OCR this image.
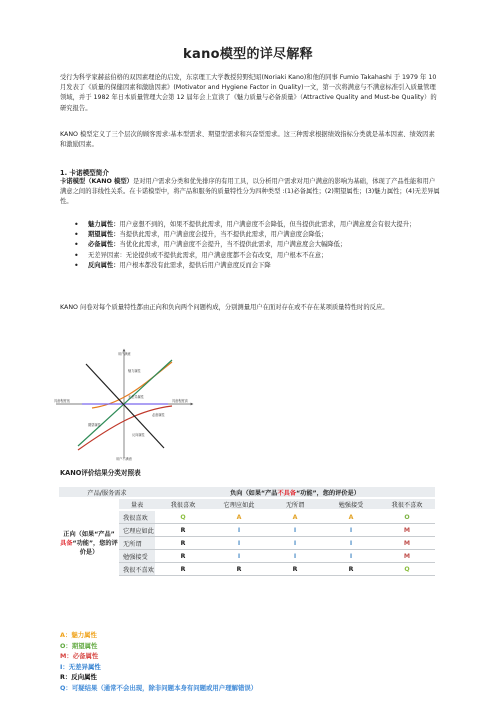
kano模型的详尽解释
受行为科学家赫兹伯格的双因素理论的启发，东京理工大学教授狩野纪昭(Noriaki Kano)和他的同事 Fumio Takahashi 于 1979 年 10 月发表了《质量的保健因素和激励因素》(Motivator and Hygiene Factor in Quality)一文，第一次将满意与不满意标准引入质量管理领域，并于 1982 年日本质量管理大会第 12 届年会上宣读了《魅力质量与必备质量》（Attractive Quality and Must-be Quality）的研究报告。
KANO 模型定义了三个层次的顾客需求:基本型需求、期望型需求和兴奋型需求。这三种需求根据绩效指标分类就是基本因素、绩效因素和激励因素。
1. 卡诺模型简介
卡诺模型（KANO 模型）是对用户需求分类和优先排序的有用工具，以分析用户需求对用户满意的影响为基础，体现了产品性能和用户满意之间的非线性关系。在卡诺模型中，将产品和服务的质量特性分为四种类型 :(1)必备属性；(2)期望属性；(3)魅力属性；(4)无差异属性。
• 魅力属性：用户意想不到的，如果不提供此需求，用户满意度不会降低，但当提供此需求，用户满意度会有很大提升；
• 期望属性：当提供此需求，用户满意度会提升，当不提供此需求，用户满意度会降低；
• 必备属性：当优化此需求，用户满意度不会提升，当不提供此需求，用户满意度会大幅降低；
• 无差异因素：无论提供或不提供此需求，用户满意度都不会有改变，用户根本不在意；
• 反向属性：用户根本都没有此需求，提供后用户满意度反而会下降
KANO 问卷对每个质量特性都由正向和负向两个问题构成，分别测量用户在面对存在或不存在某项质量特性时的反应。
用户满意
用户不满意
具备程度低	具备程度高
魅力属性
无差异属性
必备属性
期望属性
反向属性
KANO评价结果分类对照表
产品/服务需求	负向（如果“产品 不具备 “功能”，您的评价是）
量表	我很喜欢	它理应如此	无所谓	勉强接受	我很不喜欢
正向（如果“产品”
具备“功能”，您的评价是）
我很喜欢	Q	A	A	A	O
它理应如此	R	I	I	I	M
无所谓	R	I	I	I	M
勉强接受	R	I	I	I	M
我很不喜欢	R	R	R	R	Q
A：魅力属性
O：期望属性
M：必备属性
I：无差异属性
R：反向属性
Q：可疑结果（通常不会出现，除非问题本身有问题或用户理解错误）
